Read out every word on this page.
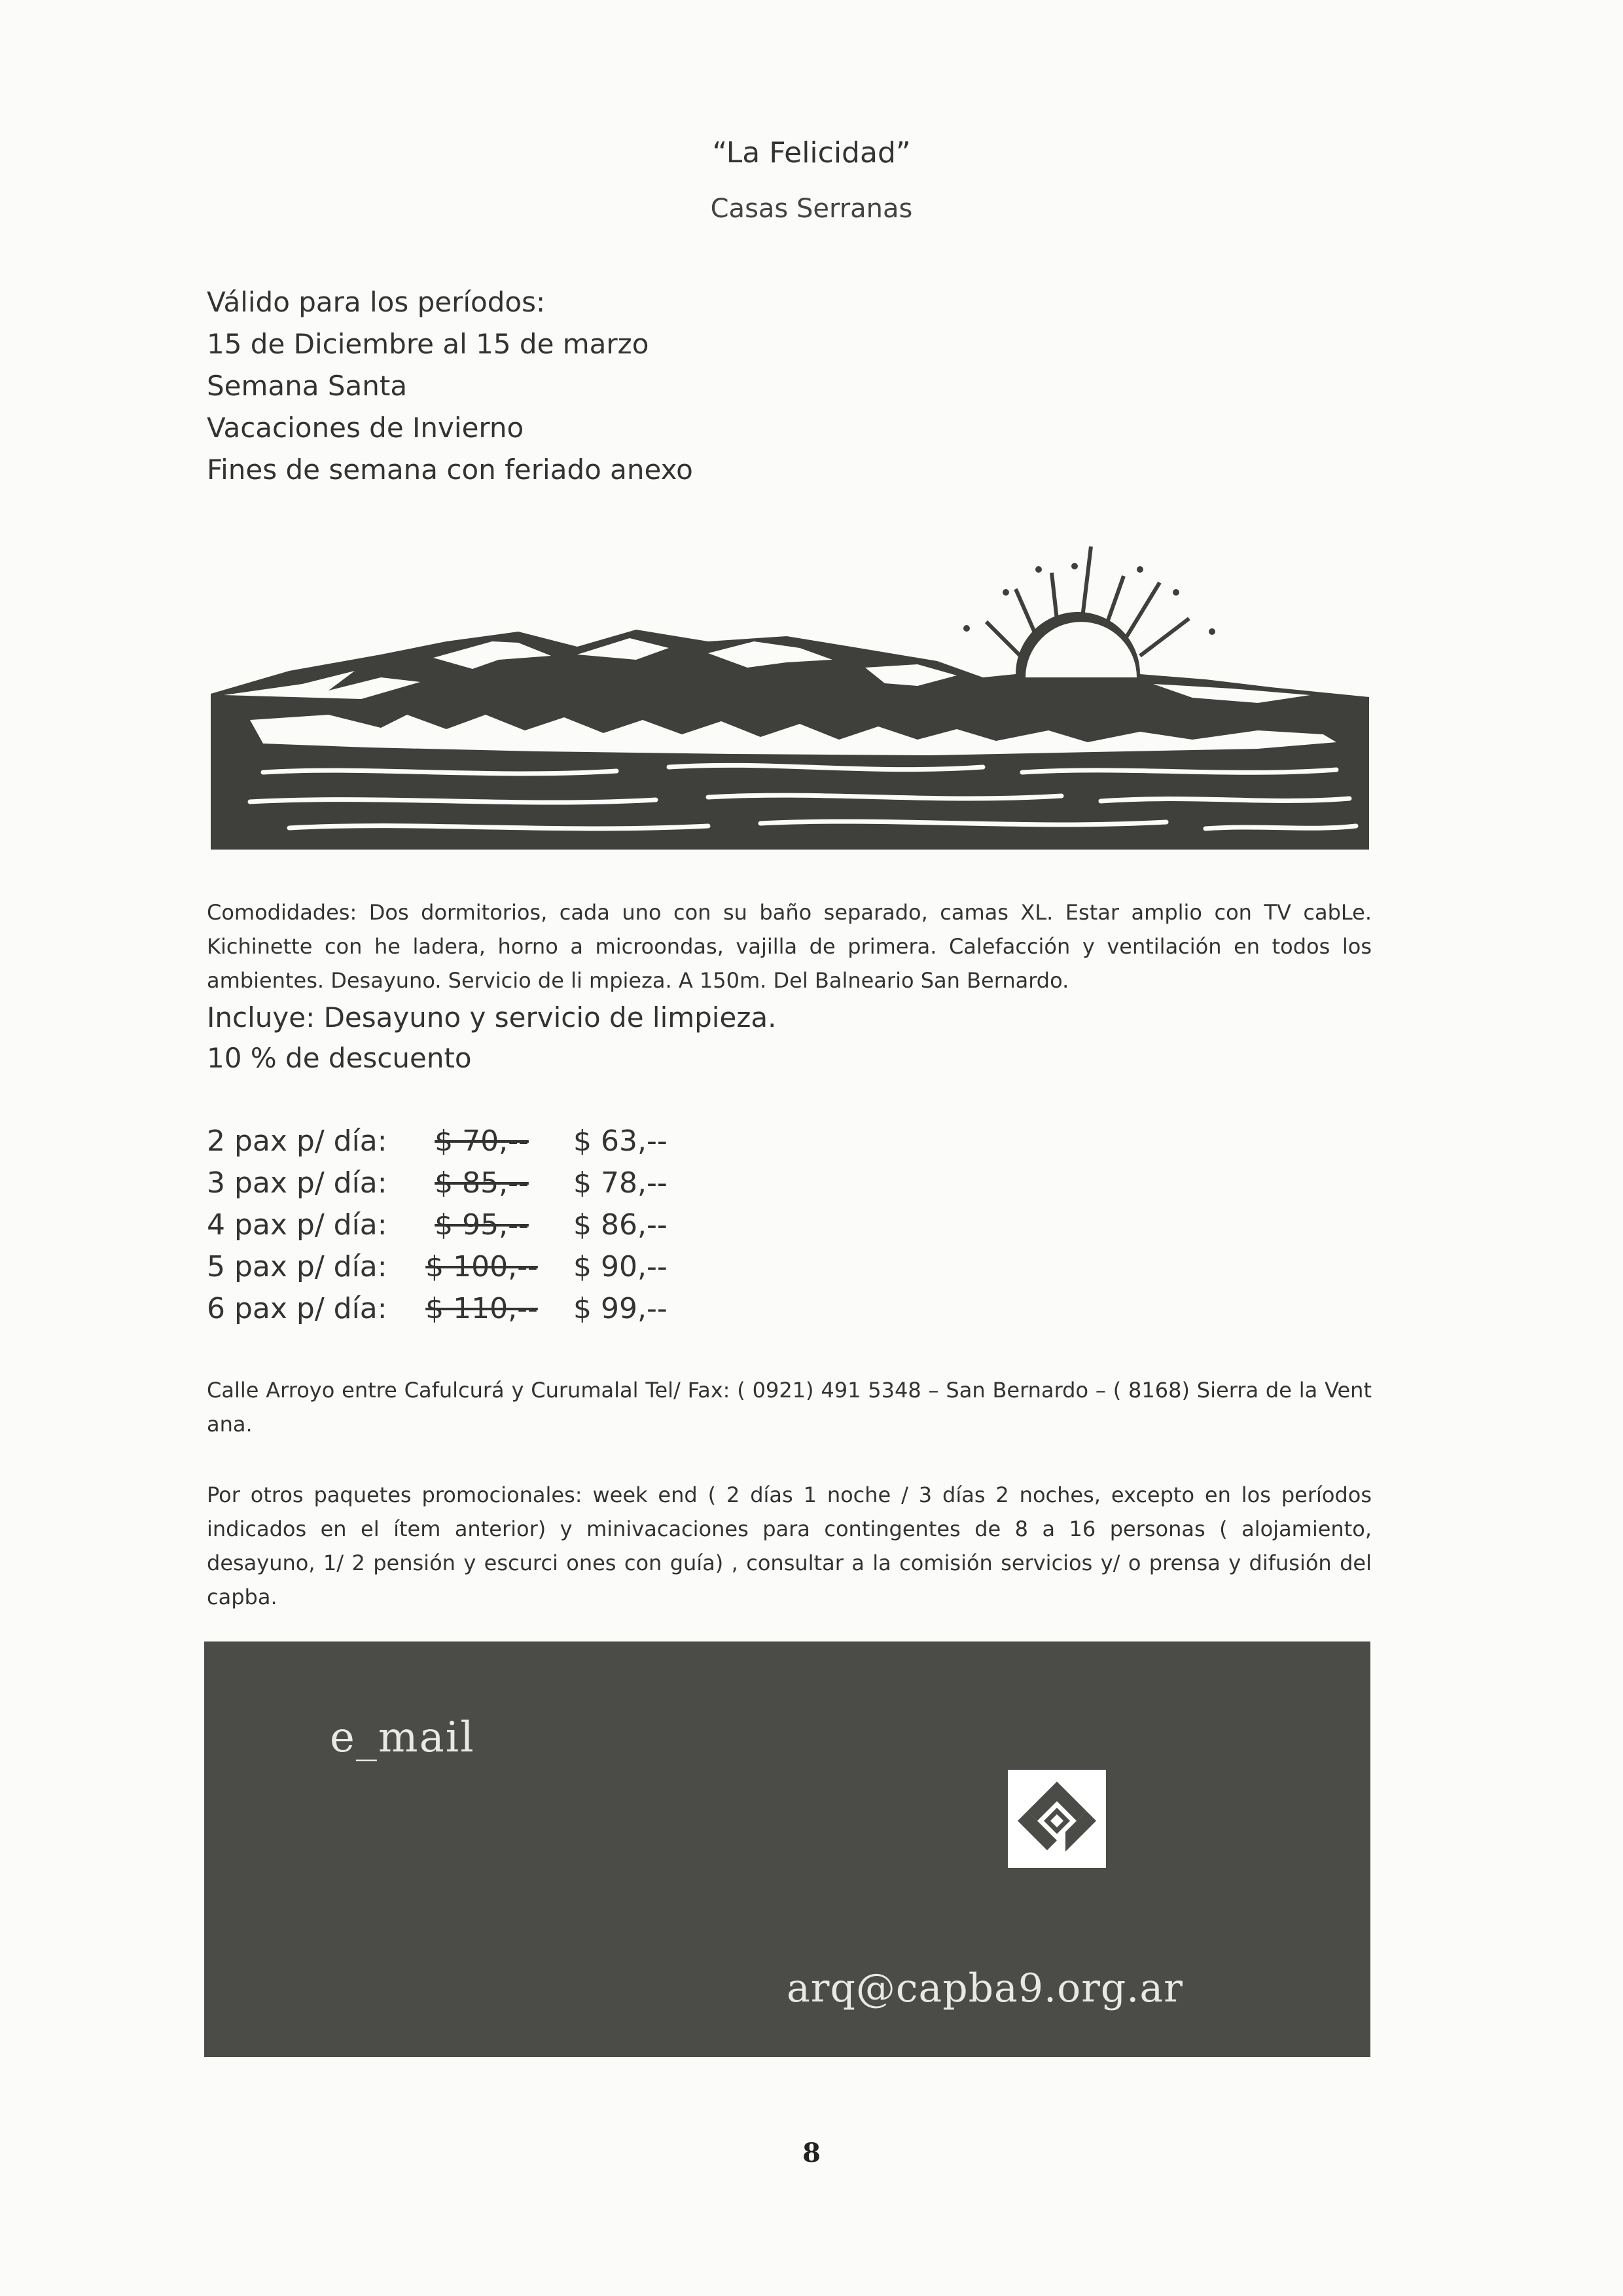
“La Felicidad”
Casas Serranas
Válido para los períodos:
15 de Diciembre al 15 de marzo
Semana Santa
Vacaciones de Invierno
Fines de semana con feriado anexo

Comodidades: Dos dormitorios, cada uno con su baño separado, camas XL. Estar amplio con TV cabLe. Kichinette con he ladera, horno a microondas, vajilla de primera. Calefacción y ventilación en todos los ambientes. Desayuno. Servicio de li mpieza. A 150m. Del Balneario San Bernardo.

Incluye: Desayuno y servicio de limpieza.
10 % de descuento
2 pax p/ día:	$ 70,--	$ 63,--
3 pax p/ día:	$ 85,--	$ 78,--
4 pax p/ día:	$ 95,--	$ 86,--
5 pax p/ día:	$ 100,--	$ 90,--
6 pax p/ día:	$ 110,--	$ 99,--
Calle Arroyo entre Cafulcurá y Curumalal Tel/ Fax: ( 0921) 491 5348 – San Bernardo – ( 8168) Sierra de la Vent ana.
Por otros paquetes promocionales: week end ( 2 días 1 noche / 3 días 2 noches, excepto en los períodos indicados en el ítem anterior) y minivacaciones para contingentes de 8 a 16 personas ( alojamiento, desayuno, 1/ 2 pensión y escurci ones con guía) , consultar a la comisión servicios y/ o prensa y difusión del capba.
e_mail
arq@capba9.org.ar
8
